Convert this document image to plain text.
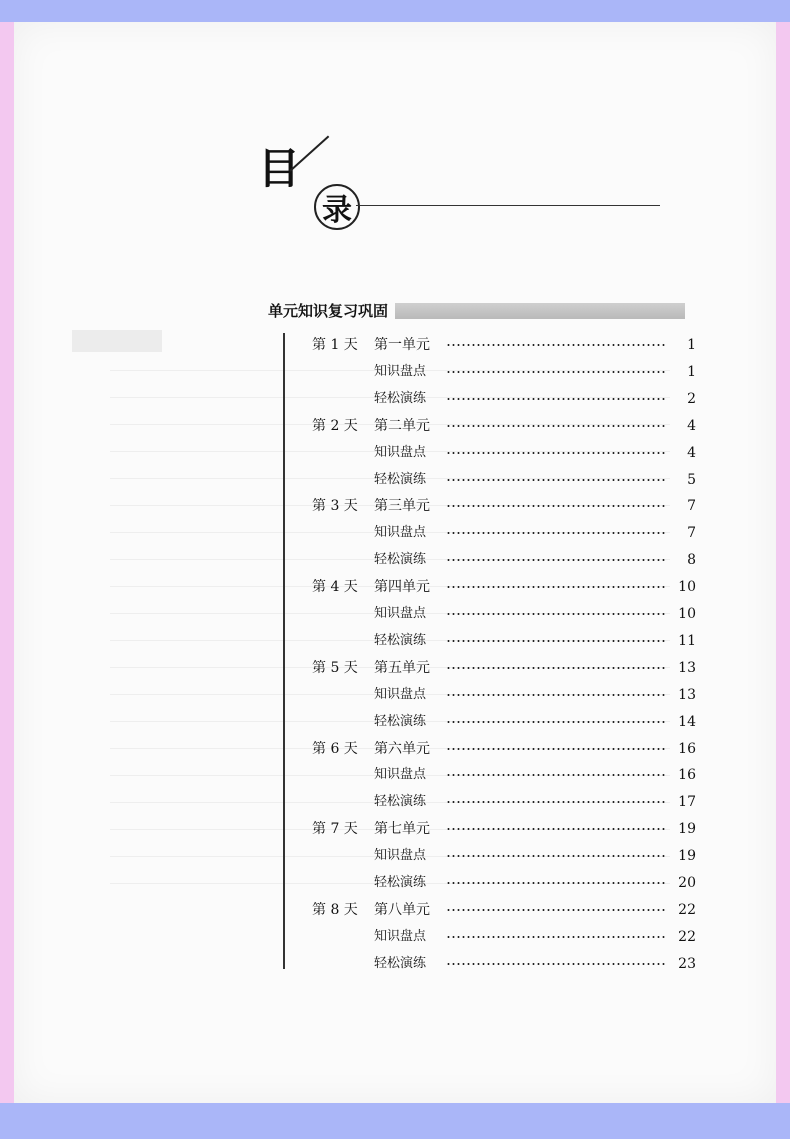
目
录
单元知识复习巩固
第 1 天 第一单元	1
知识盘点	1
轻松演练	2
第 2 天 第二单元	4
知识盘点	4
轻松演练	5
第 3 天 第三单元	7
知识盘点	7
轻松演练	8
第 4 天 第四单元	10
知识盘点	10
轻松演练	11
第 5 天 第五单元	13
知识盘点	13
轻松演练	14
第 6 天 第六单元	16
知识盘点	16
轻松演练	17
第 7 天 第七单元	19
知识盘点	19
轻松演练	20
第 8 天 第八单元	22
知识盘点	22
轻松演练	23
